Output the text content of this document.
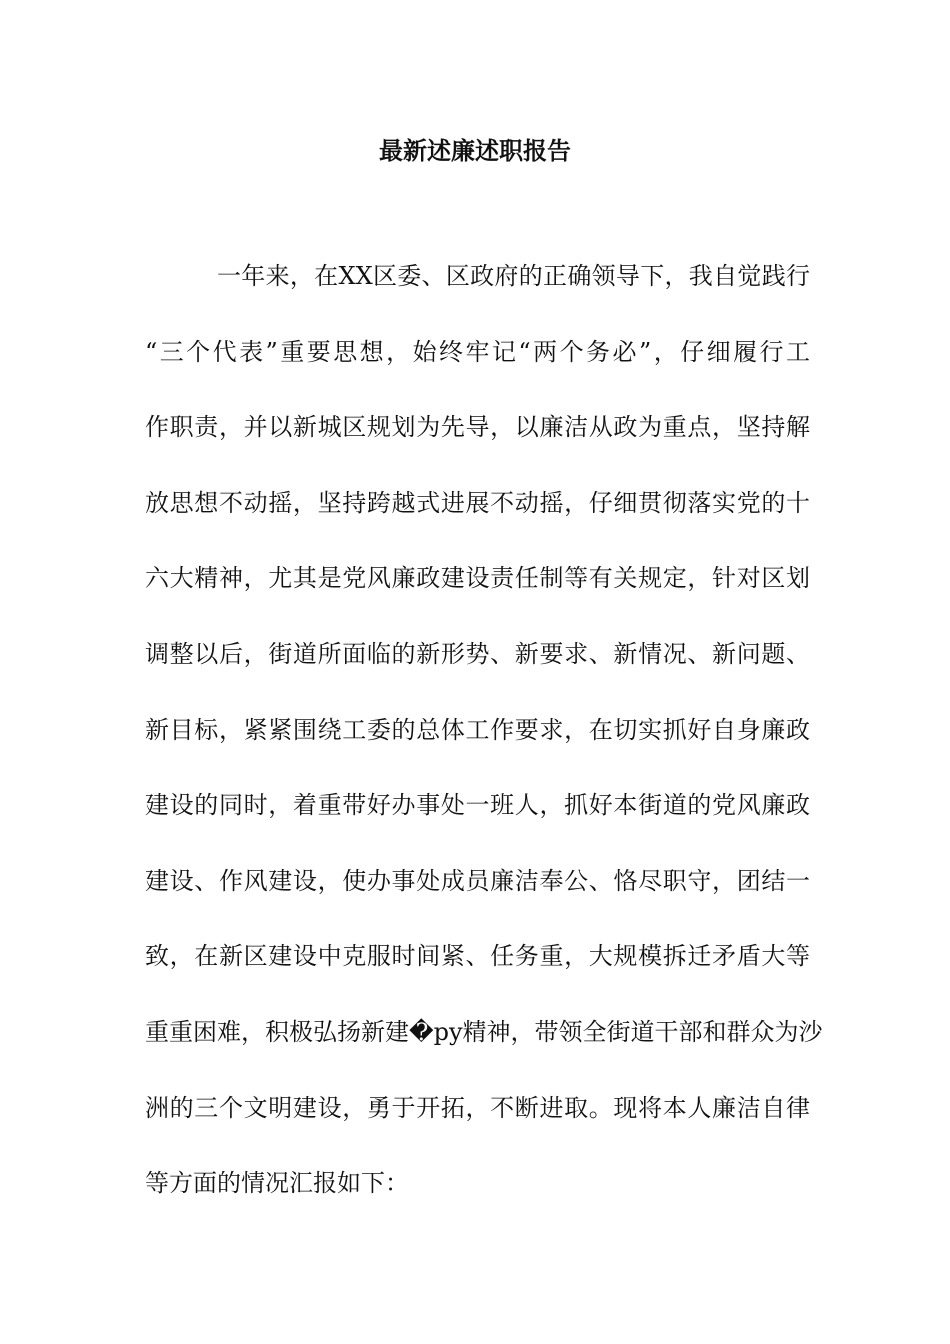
最新述廉述职报告
一年来，在XX区委、区政府的正确领导下，我自觉践行
“三个代表”重要思想，始终牢记“两个务必”，仔细履行工
作职责，并以新城区规划为先导，以廉洁从政为重点，坚持解
放思想不动摇，坚持跨越式进展不动摇，仔细贯彻落实党的十
六大精神，尤其是党风廉政建设责任制等有关规定，针对区划
调整以后，街道所面临的新形势、新要求、新情况、新问题、
新目标，紧紧围绕工委的总体工作要求，在切实抓好自身廉政
建设的同时，着重带好办事处一班人，抓好本街道的党风廉政
建设、作风建设，使办事处成员廉洁奉公、恪尽职守，团结一
致，在新区建设中克服时间紧、任务重，大规模拆迁矛盾大等
重重困难，积极弘扬新建�py精神，带领全街道干部和群众为沙
洲的三个文明建设，勇于开拓，不断进取。现将本人廉洁自律
等方面的情况汇报如下：
